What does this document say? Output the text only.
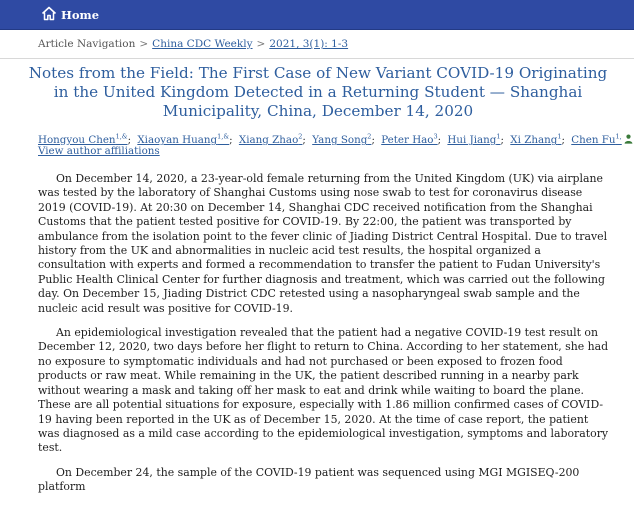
Home
Article Navigation > China CDC Weekly > 2021, 3(1): 1-3
Notes from the Field: The First Case of New Variant COVID-19 Originating in the United Kingdom Detected in a Returning Student — Shanghai Municipality, China, December 14, 2020
Hongyou Chen$^{1,\&}$; Xiaoyan Huang$^{1,\&}$; Xiang Zhao$^2$; Yang Song$^2$; Peter Hao$^3$; Hui Jiang$^1$; Xi Zhang$^1$; Chen $Fu^{1,}$
View author affiliations

On December 14, 2020, a 23-year-old female returning from the United Kingdom (UK) via airplane was tested by the laboratory of Shanghai Customs using nose swab to test for coronavirus disease 2019 (COVID-19). At 20:30 on December 14, Shanghai CDC received notification from the Shanghai Customs that the patient tested positive for COVID-19. By 22:00, the patient was transported by ambulance from the isolation point to the fever clinic of Jiading District Central Hospital. Due to travel history from the UK and abnormalities in nucleic acid test results, the hospital organized a consultation with experts and formed a recommendation to transfer the patient to Fudan University's Public Health Clinical Center for further diagnosis and treatment, which was carried out the following day. On December 15, Jiading District CDC retested using a nasopharyngeal swab sample and the nucleic acid result was positive for COVID-19.

An epidemiological investigation revealed that the patient had a negative COVID-19 test result on December 12, 2020, two days before her flight to return to China. According to her statement, she had no exposure to symptomatic individuals and had not purchased or been exposed to frozen food products or raw meat. While remaining in the UK, the patient described running in a nearby park without wearing a mask and taking off her mask to eat and drink while waiting to board the plane. These are all potential situations for exposure, especially with 1.86 million confirmed cases of COVID-19 having been reported in the UK as of December 15, 2020. At the time of case report, the patient was diagnosed as a mild case according to the epidemiological investigation, symptoms and laboratory test.

On December 24, the sample of the COVID-19 patient was sequenced using MGI MGISEQ-200 platform
